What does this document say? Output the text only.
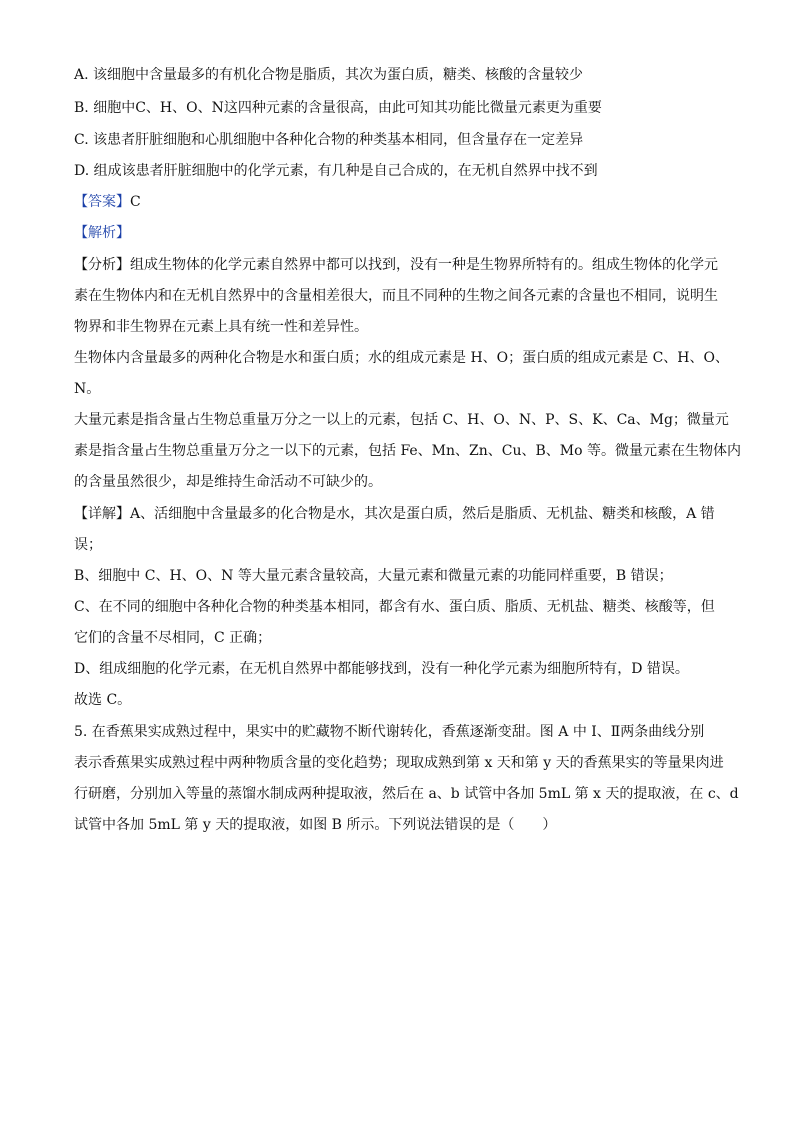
A. 该细胞中含量最多的有机化合物是脂质，其次为蛋白质，糖类、核酸的含量较少
B. 细胞中C、H、O、N这四种元素的含量很高，由此可知其功能比微量元素更为重要
C. 该患者肝脏细胞和心肌细胞中各种化合物的种类基本相同，但含量存在一定差异
D. 组成该患者肝脏细胞中的化学元素，有几种是自己合成的，在无机自然界中找不到
【答案】C
【解析】
【分析】组成生物体的化学元素自然界中都可以找到，没有一种是生物界所特有的。组成生物体的化学元
素在生物体内和在无机自然界中的含量相差很大，而且不同种的生物之间各元素的含量也不相同，说明生
物界和非生物界在元素上具有统一性和差异性。
生物体内含量最多的两种化合物是水和蛋白质；水的组成元素是 H、O；蛋白质的组成元素是 C、H、O、
N。
大量元素是指含量占生物总重量万分之一以上的元素，包括 C、H、O、N、P、S、K、Ca、Mg；微量元
素是指含量占生物总重量万分之一以下的元素，包括 Fe、Mn、Zn、Cu、B、Mo 等。微量元素在生物体内
的含量虽然很少，却是维持生命活动不可缺少的。
【详解】A、活细胞中含量最多的化合物是水，其次是蛋白质，然后是脂质、无机盐、糖类和核酸，A 错
误；
B、细胞中 C、H、O、N 等大量元素含量较高，大量元素和微量元素的功能同样重要，B 错误；
C、在不同的细胞中各种化合物的种类基本相同，都含有水、蛋白质、脂质、无机盐、糖类、核酸等，但
它们的含量不尽相同，C 正确；
D、组成细胞的化学元素，在无机自然界中都能够找到，没有一种化学元素为细胞所特有，D 错误。
故选 C。
5. 在香蕉果实成熟过程中，果实中的贮藏物不断代谢转化，香蕉逐渐变甜。图 A 中 Ⅰ、Ⅱ两条曲线分别
表示香蕉果实成熟过程中两种物质含量的变化趋势；现取成熟到第 x 天和第 y 天的香蕉果实的等量果肉进
行研磨，分别加入等量的蒸馏水制成两种提取液，然后在 a、b 试管中各加 5mL 第 x 天的提取液，在 c、d
试管中各加 5mL 第 y 天的提取液，如图 B 所示。下列说法错误的是（　　）
